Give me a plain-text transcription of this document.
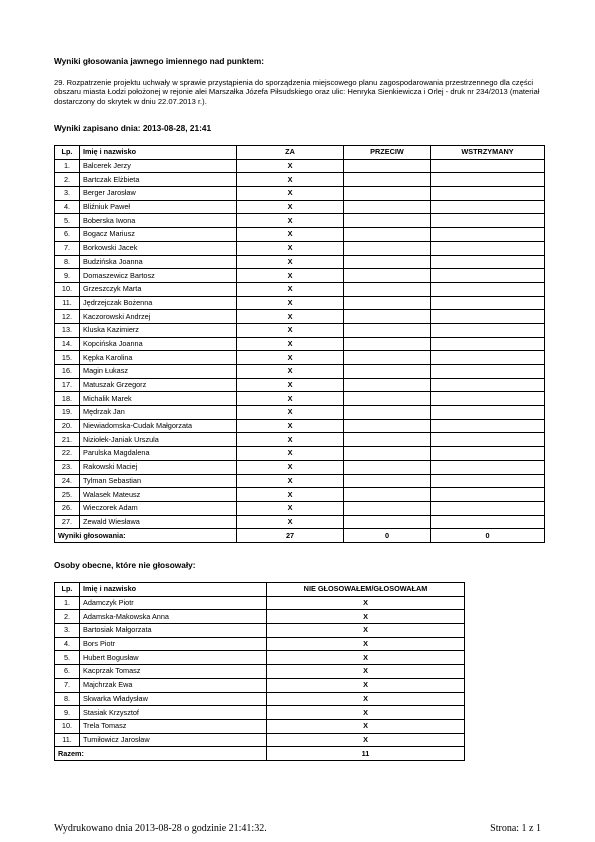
Wyniki głosowania jawnego imiennego nad punktem:
29. Rozpatrzenie projektu uchwały w sprawie przystąpienia do sporządzenia miejscowego planu zagospodarowania przestrzennego dla części obszaru miasta Łodzi położonej w rejonie alei Marszałka Józefa Piłsudskiego oraz ulic: Henryka Sienkiewicza i Orlej - druk nr 234/2013 (materiał dostarczony do skrytek w dniu 22.07.2013 r.).
Wyniki zapisano dnia: 2013-08-28, 21:41
Lp.	Imię i nazwisko	ZA	PRZECIW	WSTRZYMANY
1.	Balcerek Jerzy	X		
2.	Bartczak Elżbieta	X		
3.	Berger Jarosław	X		
4.	Bliźniuk Paweł	X		
5.	Boberska Iwona	X		
6.	Bogacz Mariusz	X		
7.	Borkowski Jacek	X		
8.	Budzińska Joanna	X		
9.	Domaszewicz Bartosz	X		
10.	Grzeszczyk Marta	X		
11.	Jędrzejczak Bożenna	X		
12.	Kaczorowski Andrzej	X		
13.	Kluska Kazimierz	X		
14.	Kopcińska Joanna	X		
15.	Kępka Karolina	X		
16.	Magin Łukasz	X		
17.	Matuszak Grzegorz	X		
18.	Michalik Marek	X		
19.	Mędrzak Jan	X		
20.	Niewiadomska-Cudak Małgorzata	X		
21.	Niziołek-Janiak Urszula	X		
22.	Parulska Magdalena	X		
23.	Rakowski Maciej	X		
24.	Tylman Sebastian	X		
25.	Walasek Mateusz	X		
26.	Wieczorek Adam	X		
27.	Zewald Wiesława	X		
Wyniki głosowania:		27	0	0
Osoby obecne, które nie głosowały:
Lp.	Imię i nazwisko	NIE GŁOSOWAŁEM/GŁOSOWAŁAM
1.	Adamczyk Piotr	X
2.	Adamska-Makowska Anna	X
3.	Bartosiak Małgorzata	X
4.	Bors Piotr	X
5.	Hubert Bogusław	X
6.	Kacprzak Tomasz	X
7.	Majchrzak Ewa	X
8.	Skwarka Władysław	X
9.	Stasiak Krzysztof	X
10.	Trela Tomasz	X
11.	Tumiłowicz Jarosław	X
Razem:		11
Wydrukowano dnia 2013-08-28 o godzinie 21:41:32.	Strona: 1 z 1
